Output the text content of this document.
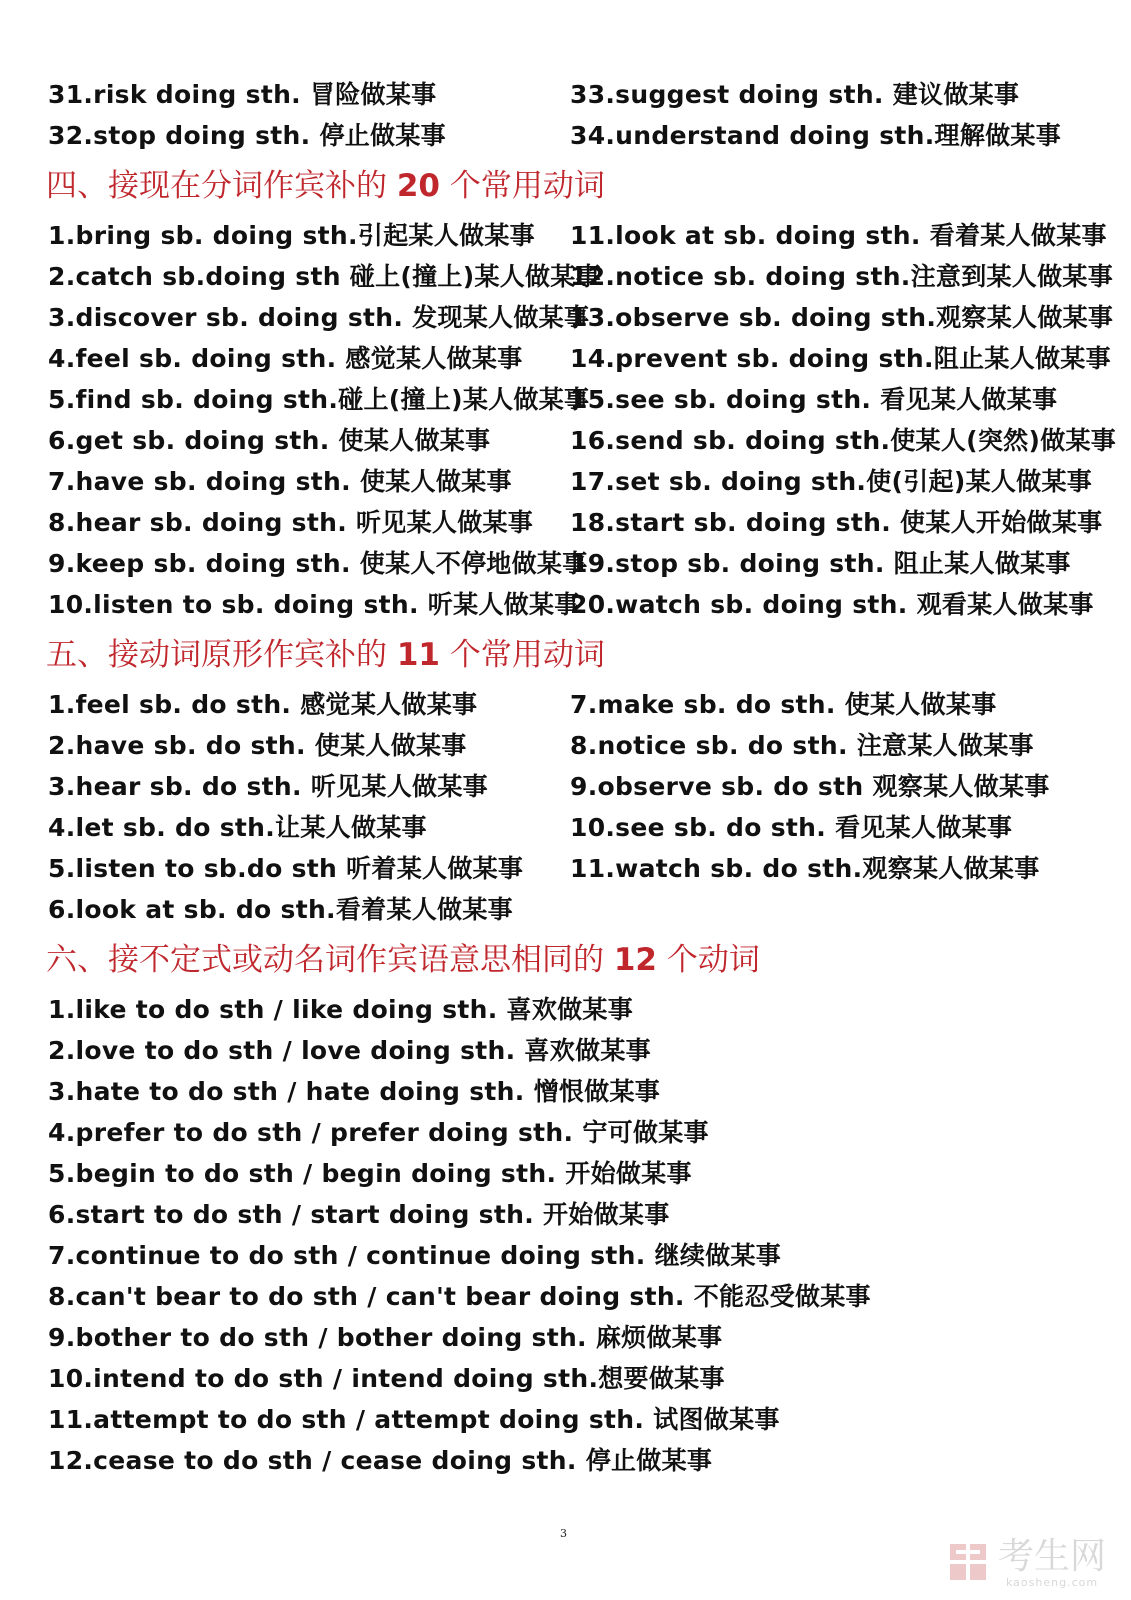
31.risk doing sth. 冒险做某事
32.stop doing sth. 停止做某事
33.suggest doing sth. 建议做某事
34.understand doing sth.理解做某事
四、接现在分词作宾补的 20 个常用动词
1.bring sb. doing sth.引起某人做某事
2.catch sb.doing sth 碰上(撞上)某人做某事
3.discover sb. doing sth. 发现某人做某事
4.feel sb. doing sth. 感觉某人做某事
5.find sb. doing sth.碰上(撞上)某人做某事
6.get sb. doing sth. 使某人做某事
7.have sb. doing sth. 使某人做某事
8.hear sb. doing sth. 听见某人做某事
9.keep sb. doing sth. 使某人不停地做某事
10.listen to sb. doing sth. 听某人做某事
11.look at sb. doing sth. 看着某人做某事
12.notice sb. doing sth.注意到某人做某事
13.observe sb. doing sth.观察某人做某事
14.prevent sb. doing sth.阻止某人做某事
15.see sb. doing sth. 看见某人做某事
16.send sb. doing sth.使某人(突然)做某事
17.set sb. doing sth.使(引起)某人做某事
18.start sb. doing sth. 使某人开始做某事
19.stop sb. doing sth. 阻止某人做某事
20.watch sb. doing sth. 观看某人做某事
五、接动词原形作宾补的 11 个常用动词
1.feel sb. do sth. 感觉某人做某事
2.have sb. do sth. 使某人做某事
3.hear sb. do sth. 听见某人做某事
4.let sb. do sth.让某人做某事
5.listen to sb.do sth 听着某人做某事
6.look at sb. do sth.看着某人做某事
7.make sb. do sth. 使某人做某事
8.notice sb. do sth. 注意某人做某事
9.observe sb. do sth 观察某人做某事
10.see sb. do sth. 看见某人做某事
11.watch sb. do sth.观察某人做某事
六、接不定式或动名词作宾语意思相同的 12 个动词
1.like to do sth / like doing sth. 喜欢做某事
2.love to do sth / love doing sth. 喜欢做某事
3.hate to do sth / hate doing sth. 憎恨做某事
4.prefer to do sth / prefer doing sth. 宁可做某事
5.begin to do sth / begin doing sth. 开始做某事
6.start to do sth / start doing sth. 开始做某事
7.continue to do sth / continue doing sth. 继续做某事
8.can't bear to do sth / can't bear doing sth. 不能忍受做某事
9.bother to do sth / bother doing sth. 麻烦做某事
10.intend to do sth / intend doing sth.想要做某事
11.attempt to do sth / attempt doing sth. 试图做某事
12.cease to do sth / cease doing sth. 停止做某事
3
考生网
kaosheng.com
